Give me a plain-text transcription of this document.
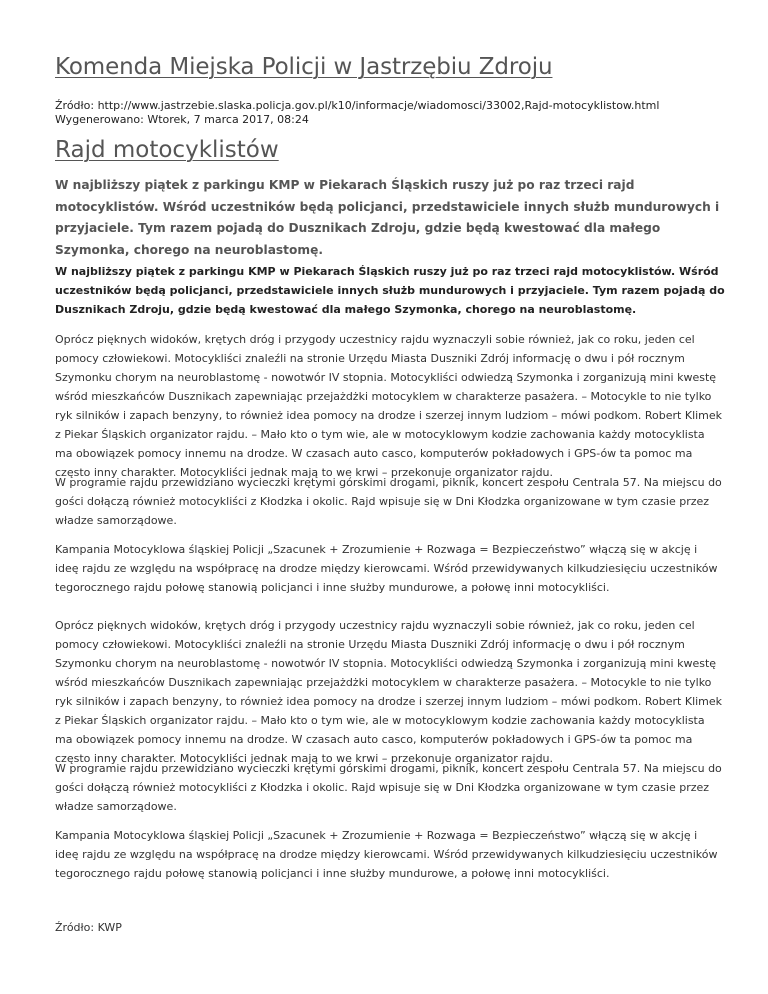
Komenda Miejska Policji w Jastrzębiu Zdroju
Źródło: http://www.jastrzebie.slaska.policja.gov.pl/k10/informacje/wiadomosci/33002,Rajd-motocyklistow.html
Wygenerowano: Wtorek, 7 marca 2017, 08:24
Rajd motocyklistów

W najbliższy piątek z parkingu KMP w Piekarach Śląskich ruszy już po raz trzeci rajd motocyklistów. Wśród uczestników będą policjanci, przedstawiciele innych służb mundurowych i przyjaciele. Tym razem pojadą do Dusznikach Zdroju, gdzie będą kwestować dla małego Szymonka, chorego na neuroblastomę.

W najbliższy piątek z parkingu KMP w Piekarach Śląskich ruszy już po raz trzeci rajd motocyklistów. Wśród uczestników będą policjanci, przedstawiciele innych służb mundurowych i przyjaciele. Tym razem pojadą do Dusznikach Zdroju, gdzie będą kwestować dla małego Szymonka, chorego na neuroblastomę.

Oprócz pięknych widoków, krętych dróg i przygody uczestnicy rajdu wyznaczyli sobie również, jak co roku, jeden cel pomocy człowiekowi. Motocykliści znaleźli na stronie Urzędu Miasta Duszniki Zdrój informację o dwu i pół rocznym Szymonku chorym na neuroblastomę - nowotwór IV stopnia. Motocykliści odwiedzą Szymonka i zorganizują mini kwestę wśród mieszkańców Dusznikach zapewniając przejażdżki motocyklem w charakterze pasażera. – Motocykle to nie tylko ryk silników i zapach benzyny, to również idea pomocy na drodze i szerzej innym ludziom – mówi podkom. Robert Klimek z Piekar Śląskich organizator rajdu. – Mało kto o tym wie, ale w motocyklowym kodzie zachowania każdy motocyklista ma obowiązek pomocy innemu na drodze. W czasach auto casco, komputerów pokładowych i GPS-ów ta pomoc ma często inny charakter. Motocykliści jednak mają to we krwi – przekonuje organizator rajdu.

W programie rajdu przewidziano wycieczki krętymi górskimi drogami, piknik, koncert zespołu Centrala 57. Na miejscu do gości dołączą również motocykliści z Kłodzka i okolic. Rajd wpisuje się w Dni Kłodzka organizowane w tym czasie przez władze samorządowe.

Kampania Motocyklowa śląskiej Policji „Szacunek + Zrozumienie + Rozwaga = Bezpieczeństwo” włączą się w akcję i ideę rajdu ze względu na współpracę na drodze między kierowcami. Wśród przewidywanych kilkudziesięciu uczestników tegorocznego rajdu połowę stanowią policjanci i inne służby mundurowe, a połowę inni motocykliści.

Oprócz pięknych widoków, krętych dróg i przygody uczestnicy rajdu wyznaczyli sobie również, jak co roku, jeden cel pomocy człowiekowi. Motocykliści znaleźli na stronie Urzędu Miasta Duszniki Zdrój informację o dwu i pół rocznym Szymonku chorym na neuroblastomę - nowotwór IV stopnia. Motocykliści odwiedzą Szymonka i zorganizują mini kwestę wśród mieszkańców Dusznikach zapewniając przejażdżki motocyklem w charakterze pasażera. – Motocykle to nie tylko ryk silników i zapach benzyny, to również idea pomocy na drodze i szerzej innym ludziom – mówi podkom. Robert Klimek z Piekar Śląskich organizator rajdu. – Mało kto o tym wie, ale w motocyklowym kodzie zachowania każdy motocyklista ma obowiązek pomocy innemu na drodze. W czasach auto casco, komputerów pokładowych i GPS-ów ta pomoc ma często inny charakter. Motocykliści jednak mają to we krwi – przekonuje organizator rajdu.

W programie rajdu przewidziano wycieczki krętymi górskimi drogami, piknik, koncert zespołu Centrala 57. Na miejscu do gości dołączą również motocykliści z Kłodzka i okolic. Rajd wpisuje się w Dni Kłodzka organizowane w tym czasie przez władze samorządowe.

Kampania Motocyklowa śląskiej Policji „Szacunek + Zrozumienie + Rozwaga = Bezpieczeństwo” włączą się w akcję i ideę rajdu ze względu na współpracę na drodze między kierowcami. Wśród przewidywanych kilkudziesięciu uczestników tegorocznego rajdu połowę stanowią policjanci i inne służby mundurowe, a połowę inni motocykliści.

Źródło: KWP
